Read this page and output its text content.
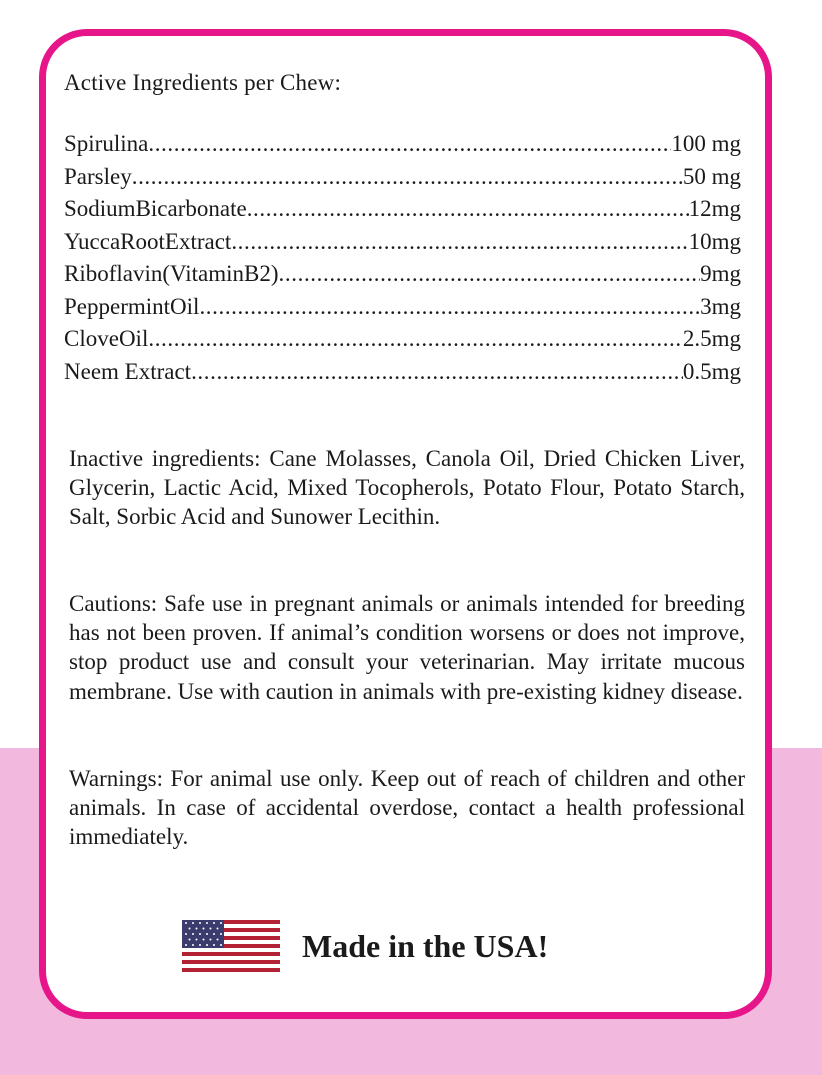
Active Ingredients per Chew:
Spirulina .....	100 mg
Parsley .....	50 mg
SodiumBicarbonate .....	12mg
YuccaRootExtract .....	10mg
Riboflavin(VitaminB2) .....	9mg
PeppermintOil .....	3mg
CloveOil .....	2.5mg
Neem Extract .....	0.5mg

Inactive ingredients: Cane Molasses, Canola Oil, Dried Chicken Liver, Glycerin, Lactic Acid, Mixed Tocopherols, Potato Flour, Potato Starch, Salt, Sorbic Acid and Sunower Lecithin.

Cautions: Safe use in pregnant animals or animals intended for breeding has not been proven. If animal’s condition worsens or does not improve, stop product use and consult your veterinarian. May irritate mucous membrane. Use with caution in animals with pre-existing kidney disease.

Warnings: For animal use only. Keep out of reach of children and other animals. In case of accidental overdose, contact a health professional immediately.

Made in the USA!
